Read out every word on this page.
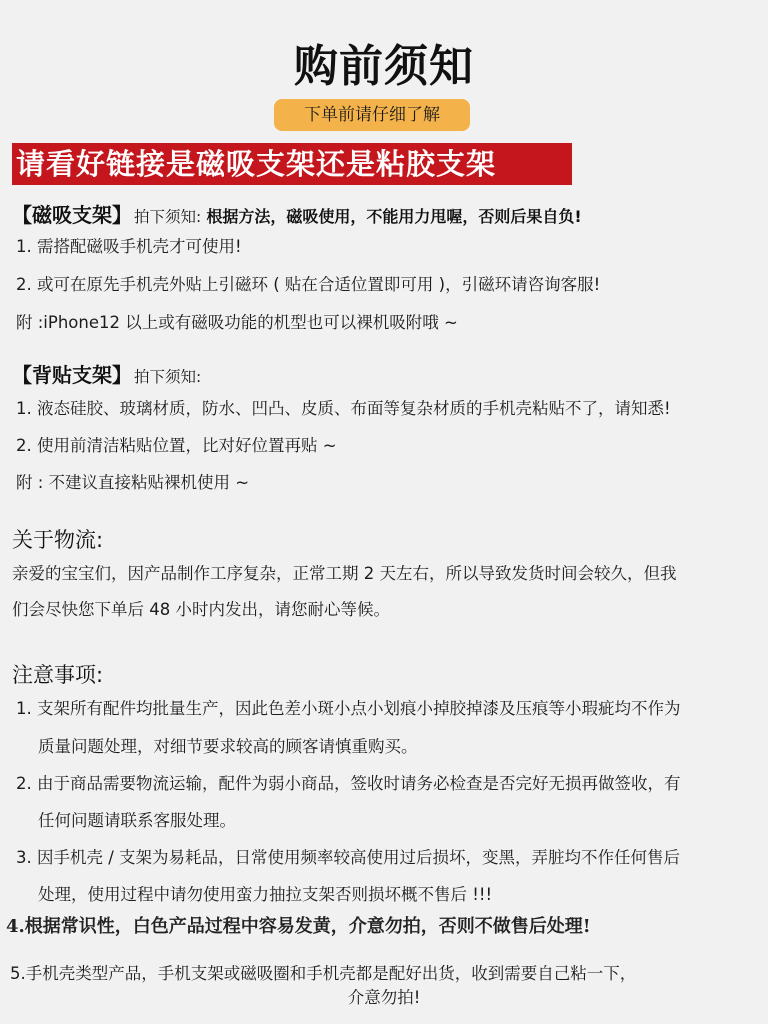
购前须知
下单前请仔细了解
请看好链接是磁吸支架还是粘胶支架
【磁吸支架】 拍下须知: 根据方法，磁吸使用，不能用力甩喔，否则后果自负!
1. 需搭配磁吸手机壳才可使用!
2. 或可在原先手机壳外贴上引磁环 ( 贴在合适位置即可用 )，引磁环请咨询客服!
附 :iPhone12 以上或有磁吸功能的机型也可以裸机吸附哦 ~
【背贴支架】 拍下须知:
1. 液态硅胶、玻璃材质，防水、凹凸、皮质、布面等复杂材质的手机壳粘贴不了，请知悉!
2. 使用前清洁粘贴位置，比对好位置再贴 ~
附 : 不建议直接粘贴裸机使用 ~
关于物流:
亲爱的宝宝们，因产品制作工序复杂，正常工期 2 天左右，所以导致发货时间会较久，但我
们会尽快您下单后 48 小时内发出，请您耐心等候。
注意事项:
1. 支架所有配件均批量生产，因此色差小斑小点小划痕小掉胶掉漆及压痕等小瑕疵均不作为
质量问题处理，对细节要求较高的顾客请慎重购买。
2. 由于商品需要物流运输，配件为弱小商品，签收时请务必检查是否完好无损再做签收，有
任何问题请联系客服处理。
3. 因手机壳 / 支架为易耗品，日常使用频率较高使用过后损坏，变黑，弄脏均不作任何售后
处理，使用过程中请勿使用蛮力抽拉支架否则损坏概不售后 !!!
4.根据常识性，白色产品过程中容易发黄，介意勿拍，否则不做售后处理!
5.手机壳类型产品，手机支架或磁吸圈和手机壳都是配好出货，收到需要自己粘一下，
介意勿拍!
